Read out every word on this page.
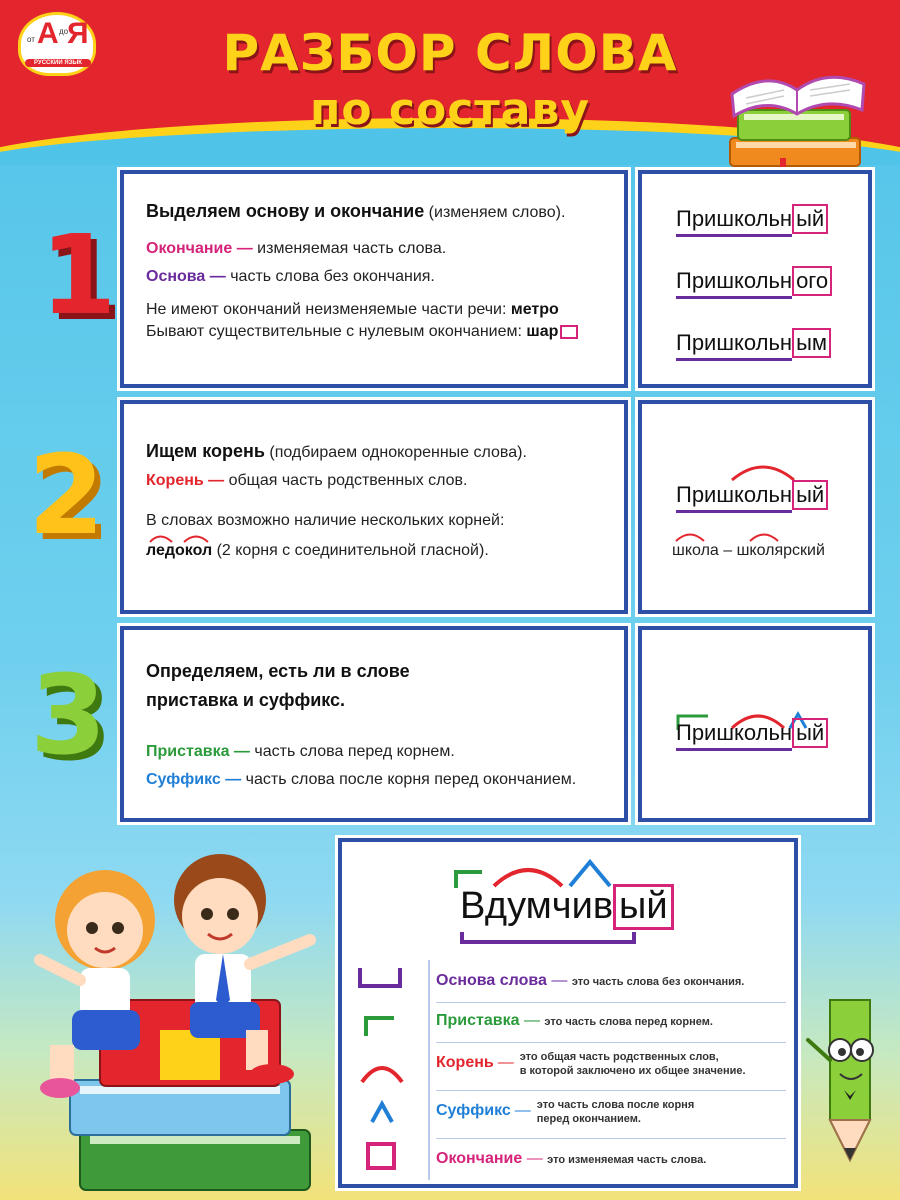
от А до
Я
РУССКИЙ ЯЗЫК	РАЗБОР СЛОВА
по составу
1
2
3
Выделяем основу и окончание (изменяем слово).
Окончание — изменяемая часть слова.
Основа — часть слова без окончания.
Не имеют окончаний неизменяемые части речи: метро
Бывают существительные с нулевым окончанием: шар
Пришкольн ый
Пришкольн ого
Пришкольн ым
Ищем корень (подбираем однокоренные слова).
Корень — общая часть родственных слов.
В словах возможно наличие нескольких корней:
ледокол (2 корня с соединительной гласной).
Пришкольн ый
школа – школярский
Определяем, есть ли в слове
приставка и суффикс.
Приставка — часть слова перед корнем.
Суффикс — часть слова после корня перед окончанием.
Пришкольн ый
Вдумчив ый
Основа слова — это часть слова без окончания.
Приставка — это часть слова перед корнем.
Корень — это общая часть родственных слов,
в которой заключено их общее значение.
Суффикс — это часть слова после корня
перед окончанием.
Окончание — это изменяемая часть слова.
